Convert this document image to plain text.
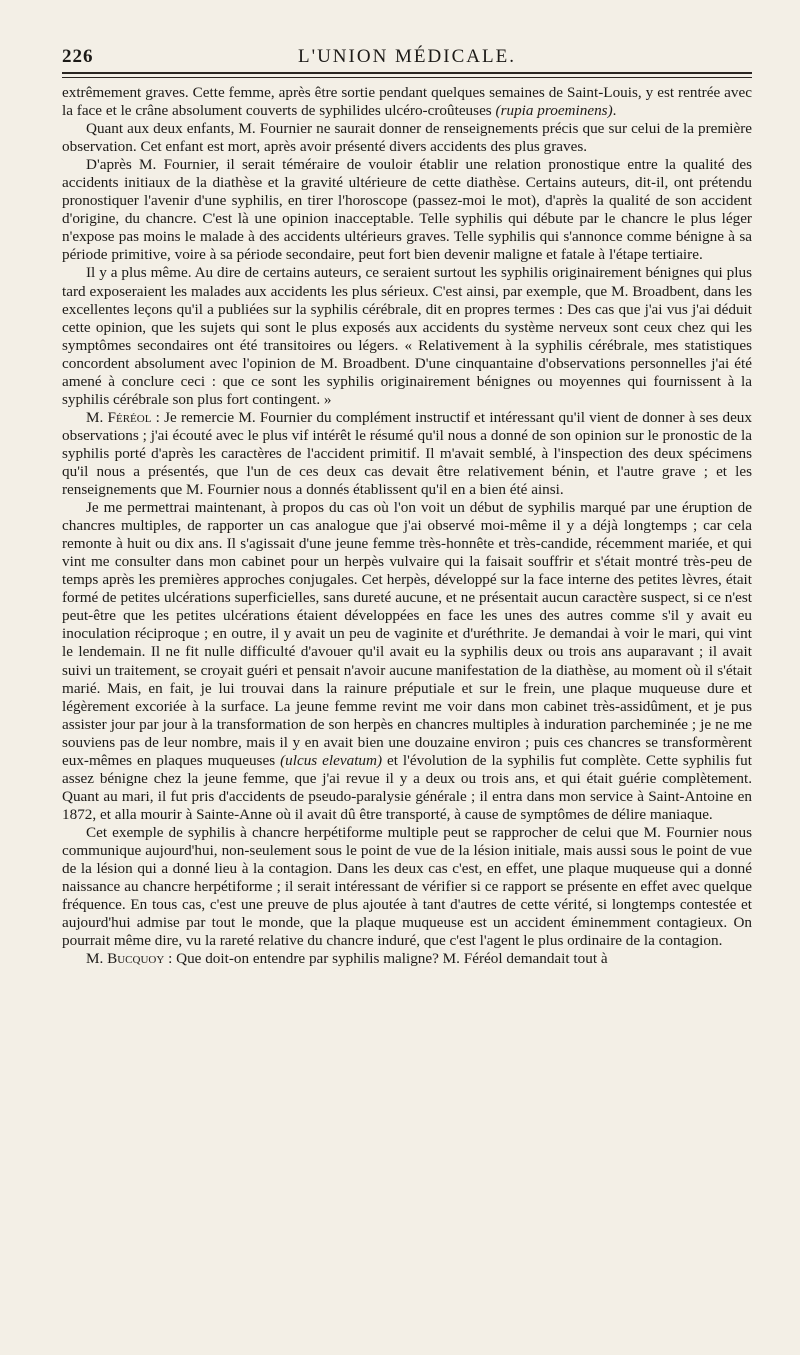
226	L'UNION MÉDICALE.

extrêmement graves. Cette femme, après être sortie pendant quelques semaines de Saint-Louis, y est rentrée avec la face et le crâne absolument couverts de syphilides ulcéro-croûteuses (rupia proeminens).

Quant aux deux enfants, M. Fournier ne saurait donner de renseignements précis que sur celui de la première observation. Cet enfant est mort, après avoir présenté divers accidents des plus graves.

D'après M. Fournier, il serait téméraire de vouloir établir une relation pronostique entre la qualité des accidents initiaux de la diathèse et la gravité ultérieure de cette diathèse. Certains auteurs, dit-il, ont prétendu pronostiquer l'avenir d'une syphilis, en tirer l'horoscope (passez-moi le mot), d'après la qualité de son accident d'origine, du chancre. C'est là une opinion inacceptable. Telle syphilis qui débute par le chancre le plus léger n'expose pas moins le malade à des accidents ultérieurs graves. Telle syphilis qui s'annonce comme bénigne à sa période primitive, voire à sa période secondaire, peut fort bien devenir maligne et fatale à l'étape tertiaire.

Il y a plus même. Au dire de certains auteurs, ce seraient surtout les syphilis originairement bénignes qui plus tard exposeraient les malades aux accidents les plus sérieux. C'est ainsi, par exemple, que M. Broadbent, dans les excellentes leçons qu'il a publiées sur la syphilis cérébrale, dit en propres termes : Des cas que j'ai vus j'ai déduit cette opinion, que les sujets qui sont le plus exposés aux accidents du système nerveux sont ceux chez qui les symptômes secondaires ont été transitoires ou légers. « Relativement à la syphilis cérébrale, mes statistiques concordent absolument avec l'opinion de M. Broadbent. D'une cinquantaine d'observations personnelles j'ai été amené à conclure ceci : que ce sont les syphilis originairement bénignes ou moyennes qui fournissent à la syphilis cérébrale son plus fort contingent. »

M. Féréol : Je remercie M. Fournier du complément instructif et intéressant qu'il vient de donner à ses deux observations ; j'ai écouté avec le plus vif intérêt le résumé qu'il nous a donné de son opinion sur le pronostic de la syphilis porté d'après les caractères de l'accident primitif. Il m'avait semblé, à l'inspection des deux spécimens qu'il nous a présentés, que l'un de ces deux cas devait être relativement bénin, et l'autre grave ; et les renseignements que M. Fournier nous a donnés établissent qu'il en a bien été ainsi.

Je me permettrai maintenant, à propos du cas où l'on voit un début de syphilis marqué par une éruption de chancres multiples, de rapporter un cas analogue que j'ai observé moi-même il y a déjà longtemps ; car cela remonte à huit ou dix ans. Il s'agissait d'une jeune femme très-honnête et très-candide, récemment mariée, et qui vint me consulter dans mon cabinet pour un herpès vulvaire qui la faisait souffrir et s'était montré très-peu de temps après les premières approches conjugales. Cet herpès, développé sur la face interne des petites lèvres, était formé de petites ulcérations superficielles, sans dureté aucune, et ne présentait aucun caractère suspect, si ce n'est peut-être que les petites ulcérations étaient développées en face les unes des autres comme s'il y avait eu inoculation réciproque ; en outre, il y avait un peu de vaginite et d'uréthrite. Je demandai à voir le mari, qui vint le lendemain. Il ne fit nulle difficulté d'avouer qu'il avait eu la syphilis deux ou trois ans auparavant ; il avait suivi un traitement, se croyait guéri et pensait n'avoir aucune manifestation de la diathèse, au moment où il s'était marié. Mais, en fait, je lui trouvai dans la rainure préputiale et sur le frein, une plaque muqueuse dure et légèrement excoriée à la surface. La jeune femme revint me voir dans mon cabinet très-assidûment, et je pus assister jour par jour à la transformation de son herpès en chancres multiples à induration parcheminée ; je ne me souviens pas de leur nombre, mais il y en avait bien une douzaine environ ; puis ces chancres se transformèrent eux-mêmes en plaques muqueuses (ulcus elevatum) et l'évolution de la syphilis fut complète. Cette syphilis fut assez bénigne chez la jeune femme, que j'ai revue il y a deux ou trois ans, et qui était guérie complètement. Quant au mari, il fut pris d'accidents de pseudo-paralysie générale ; il entra dans mon service à Saint-Antoine en 1872, et alla mourir à Sainte-Anne où il avait dû être transporté, à cause de symptômes de délire maniaque.

Cet exemple de syphilis à chancre herpétiforme multiple peut se rapprocher de celui que M. Fournier nous communique aujourd'hui, non-seulement sous le point de vue de la lésion initiale, mais aussi sous le point de vue de la lésion qui a donné lieu à la contagion. Dans les deux cas c'est, en effet, une plaque muqueuse qui a donné naissance au chancre herpétiforme ; il serait intéressant de vérifier si ce rapport se présente en effet avec quelque fréquence. En tous cas, c'est une preuve de plus ajoutée à tant d'autres de cette vérité, si longtemps contestée et aujourd'hui admise par tout le monde, que la plaque muqueuse est un accident éminemment contagieux. On pourrait même dire, vu la rareté relative du chancre induré, que c'est l'agent le plus ordinaire de la contagion.

M. Bucquoy : Que doit-on entendre par syphilis maligne? M. Féréol demandait tout à
